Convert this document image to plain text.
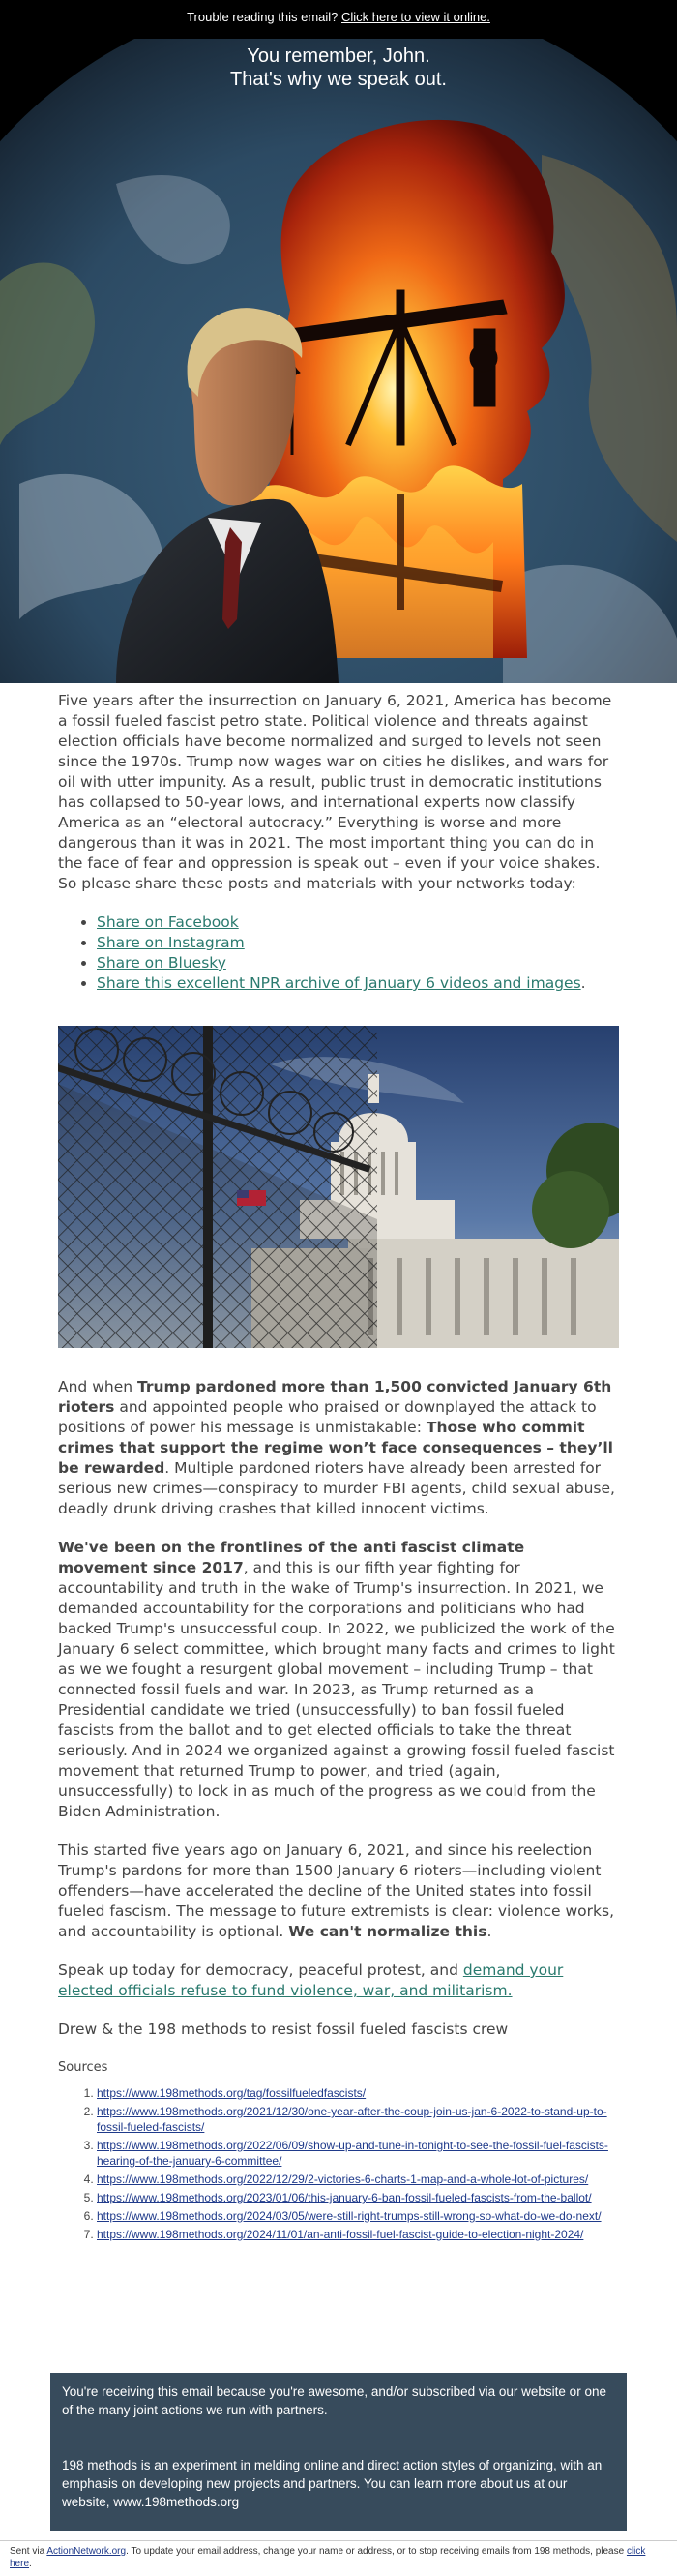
Trouble reading this email? Click here to view it online.
You remember, John.
That's why we speak out.

Five years after the insurrection on January 6, 2021, America has become a fossil fueled fascist petro state. Political violence and threats against election officials have become normalized and surged to levels not seen since the 1970s. Trump now wages war on cities he dislikes, and wars for oil with utter impunity. As a result, public trust in democratic institutions has collapsed to 50-year lows, and international experts now classify America as an “electoral autocracy.” Everything is worse and more dangerous than it was in 2021. The most important thing you can do in the face of fear and oppression is speak out – even if your voice shakes. So please share these posts and materials with your networks today:

• Share on Facebook
• Share on Instagram
• Share on Bluesky
• Share this excellent NPR archive of January 6 videos and images.

And when Trump pardoned more than 1,500 convicted January 6th rioters and appointed people who praised or downplayed the attack to positions of power his message is unmistakable: Those who commit crimes that support the regime won’t face consequences – they’ll be rewarded. Multiple pardoned rioters have already been arrested for serious new crimes—conspiracy to murder FBI agents, child sexual abuse, deadly drunk driving crashes that killed innocent victims.

We've been on the frontlines of the anti fascist climate movement since 2017, and this is our fifth year fighting for accountability and truth in the wake of Trump's insurrection. In 2021, we demanded accountability for the corporations and politicians who had backed Trump's unsuccessful coup. In 2022, we publicized the work of the January 6 select committee, which brought many facts and crimes to light as we we fought a resurgent global movement – including Trump – that connected fossil fuels and war. In 2023, as Trump returned as a Presidential candidate we tried (unsuccessfully) to ban fossil fueled fascists from the ballot and to get elected officials to take the threat seriously. And in 2024 we organized against a growing fossil fueled fascist movement that returned Trump to power, and tried (again, unsuccessfully) to lock in as much of the progress as we could from the Biden Administration.

This started five years ago on January 6, 2021, and since his reelection Trump's pardons for more than 1500 January 6 rioters—including violent offenders—have accelerated the decline of the United states into fossil fueled fascism. The message to future extremists is clear: violence works, and accountability is optional. We can't normalize this.

Speak up today for democracy, peaceful protest, and demand your elected officials refuse to fund violence, war, and militarism.

Drew & the 198 methods to resist fossil fueled fascists crew

Sources

1. https://www.198methods.org/tag/fossilfueledfascists/
2. https://www.198methods.org/2021/12/30/one-year-after-the-coup-join-us-jan-6-2022-to-stand-up-to-fossil-fueled-fascists/
3. https://www.198methods.org/2022/06/09/show-up-and-tune-in-tonight-to-see-the-fossil-fuel-fascists-hearing-of-the-january-6-committee/
4. https://www.198methods.org/2022/12/29/2-victories-6-charts-1-map-and-a-whole-lot-of-pictures/
5. https://www.198methods.org/2023/01/06/this-january-6-ban-fossil-fueled-fascists-from-the-ballot/
6. https://www.198methods.org/2024/03/05/were-still-right-trumps-still-wrong-so-what-do-we-do-next/
7. https://www.198methods.org/2024/11/01/an-anti-fossil-fuel-fascist-guide-to-election-night-2024/

You're receiving this email because you're awesome, and/or subscribed via our website or one of the many joint actions we run with partners.

198 methods is an experiment in melding online and direct action styles of organizing, with an emphasis on developing new projects and partners. You can learn more about us at our website, www.198methods.org

Sent via ActionNetwork.org. To update your email address, change your name or address, or to stop receiving emails from 198 methods, please click here.
